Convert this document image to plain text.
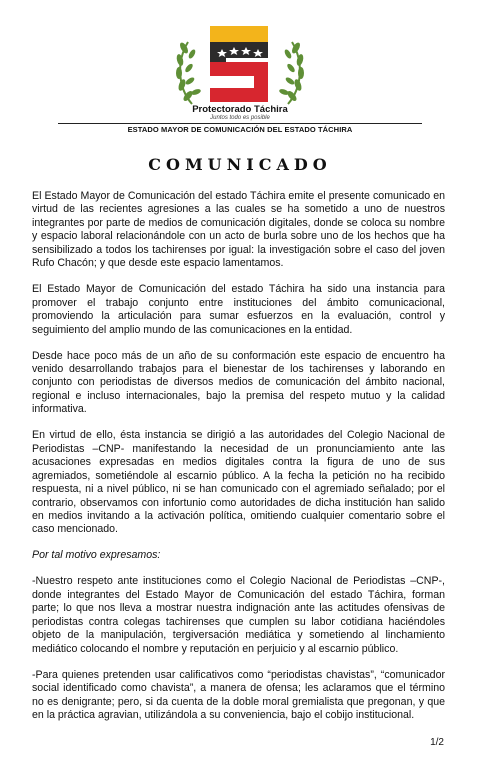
Protectorado Táchira
Juntos todo es posible
ESTADO MAYOR DE COMUNICACIÓN DEL ESTADO TÁCHIRA
COMUNICADO

El Estado Mayor de Comunicación del estado Táchira emite el presente comunicado en virtud de las recientes agresiones a las cuales se ha sometido a uno de nuestros integrantes por parte de medios de comunicación digitales, donde se coloca su nombre y espacio laboral relacionándole con un acto de burla sobre uno de los hechos que ha sensibilizado a todos los tachirenses por igual: la investigación sobre el caso del joven Rufo Chacón; y que desde este espacio lamentamos.

El Estado Mayor de Comunicación del estado Táchira ha sido una instancia para promover el trabajo conjunto entre instituciones del ámbito comunicacional, promoviendo la articulación para sumar esfuerzos en la evaluación, control y seguimiento del amplio mundo de las comunicaciones en la entidad.

Desde hace poco más de un año de su conformación este espacio de encuentro ha venido desarrollando trabajos para el bienestar de los tachirenses y laborando en conjunto con periodistas de diversos medios de comunicación del ámbito nacional, regional e incluso internacionales, bajo la premisa del respeto mutuo y la calidad informativa.

En virtud de ello, ésta instancia se dirigió a las autoridades del Colegio Nacional de Periodistas –CNP- manifestando la necesidad de un pronunciamiento ante las acusaciones expresadas en medios digitales contra la figura de uno de sus agremiados, sometiéndole al escarnio público. A la fecha la petición no ha recibido respuesta, ni a nivel público, ni se han comunicado con el agremiado señalado; por el contrario, observamos con infortunio como autoridades de dicha institución han salido en medios invitando a la activación política, omitiendo cualquier comentario sobre el caso mencionado.

Por tal motivo expresamos:

-Nuestro respeto ante instituciones como el Colegio Nacional de Periodistas –CNP-, donde integrantes del Estado Mayor de Comunicación del estado Táchira, forman parte; lo que nos lleva a mostrar nuestra indignación ante las actitudes ofensivas de periodistas contra colegas tachirenses que cumplen su labor cotidiana haciéndoles objeto de la manipulación, tergiversación mediática y sometiendo al linchamiento mediático colocando el nombre y reputación en perjuicio y al escarnio público.

-Para quienes pretenden usar calificativos como “periodistas chavistas”, “comunicador social identificado como chavista”, a manera de ofensa; les aclaramos que el término no es denigrante; pero, si da cuenta de la doble moral gremialista que pregonan, y que en la práctica agravian, utilizándola a su conveniencia, bajo el cobijo institucional.

1/2
